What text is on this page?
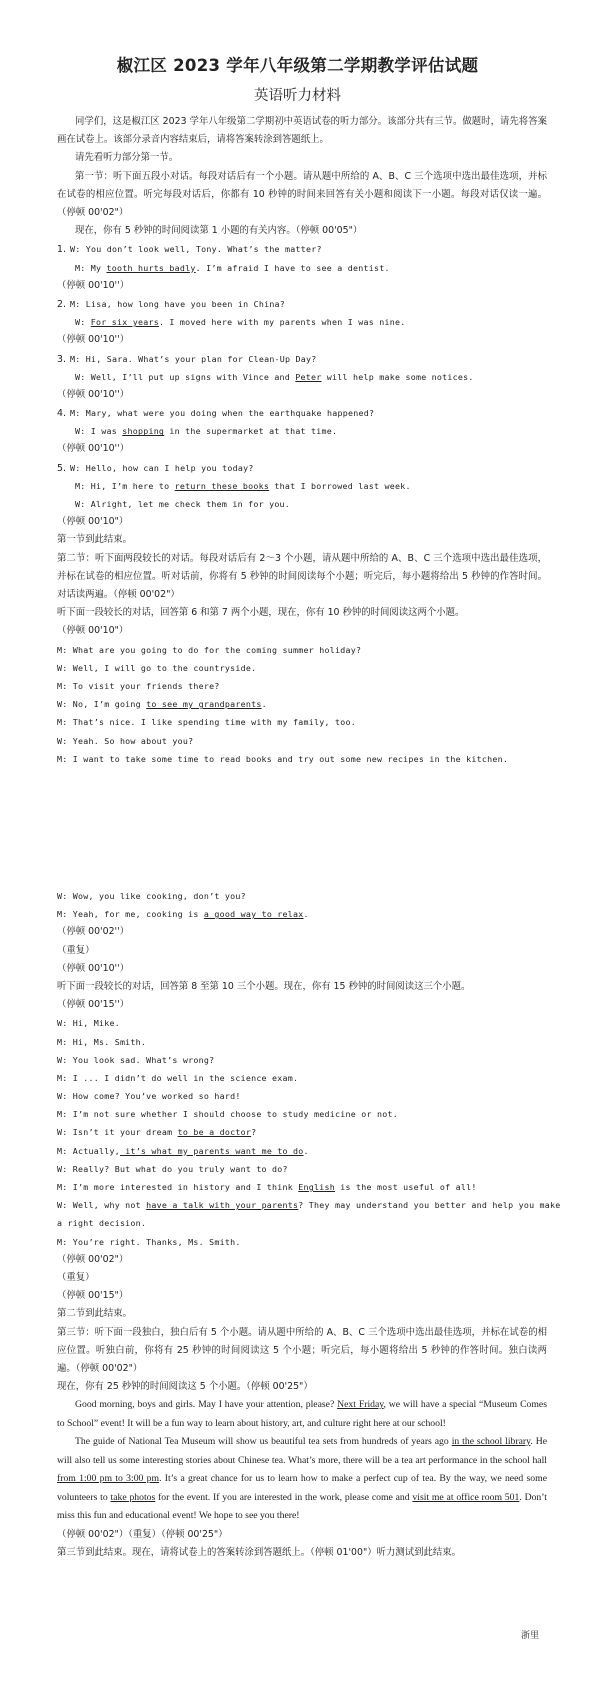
椒江区 2023 学年八年级第二学期教学评估试题
英语听力材料
同学们，这是椒江区 2023 学年八年级第二学期初中英语试卷的听力部分。该部分共有三节。做题时，请先将答案画在试卷上。该部分录音内容结束后，请将答案转涂到答题纸上。
请先看听力部分第一节。
第一节：听下面五段小对话。每段对话后有一个小题。请从题中所给的 A、B、C 三个选项中选出最佳选项，并标在试卷的相应位置。听完每段对话后，你都有 10 秒钟的时间来回答有关小题和阅读下一小题。每段对话仅读一遍。（停顿 00'02"）
现在，你有 5 秒钟的时间阅读第 1 小题的有关内容。（停顿 00'05"）
1. W: You don’t look well, Tony. What’s the matter?
M: My tooth hurts badly. I’m afraid I have to see a dentist.
（停顿 00'10''）
2. M: Lisa, how long have you been in China?
W: For six years. I moved here with my parents when I was nine.
（停顿 00'10''）
3. M: Hi, Sara. What’s your plan for Clean-Up Day?
W: Well, I’ll put up signs with Vince and Peter will help make some notices.
（停顿 00'10''）
4. M: Mary, what were you doing when the earthquake happened?
W: I was shopping in the supermarket at that time.
（停顿 00'10''）
5. W: Hello, how can I help you today?
M: Hi, I’m here to return these books that I borrowed last week.
W: Alright, let me check them in for you.
（停顿 00'10"）
第一节到此结束。
第二节：听下面两段较长的对话。每段对话后有 2～3 个小题，请从题中所给的 A、B、C 三个选项中选出最佳选项，并标在试卷的相应位置。听对话前，你将有 5 秒钟的时间阅读每个小题；听完后，每小题将给出 5 秒钟的作答时间。对话读两遍。（停顿 00'02"）
听下面一段较长的对话，回答第 6 和第 7 两个小题，现在，你有 10 秒钟的时间阅读这两个小题。
（停顿 00'10"）
M: What are you going to do for the coming summer holiday?
W: Well, I will go to the countryside.
M: To visit your friends there?
W: No, I’m going to see my grandparents.
M: That’s nice. I like spending time with my family, too.
W: Yeah. So how about you?
M: I want to take some time to read books and try out some new recipes in the kitchen.
W: Wow, you like cooking, don’t you?
M: Yeah, for me, cooking is a good way to relax.
（停顿 00'02''）
（重复）
（停顿 00'10''）
听下面一段较长的对话，回答第 8 至第 10 三个小题。现在，你有 15 秒钟的时间阅读这三个小题。
（停顿 00'15''）
W: Hi, Mike.
M: Hi, Ms. Smith.
W: You look sad. What’s wrong?
M: I ... I didn’t do well in the science exam.
W: How come? You’ve worked so hard!
M: I’m not sure whether I should choose to study medicine or not.
W: Isn’t it your dream to be a doctor?
M: Actually, it’s what my parents want me to do.
W: Really? But what do you truly want to do?
M: I’m more interested in history and I think English is the most useful of all!
W: Well, why not have a talk with your parents? They may understand you better and help you make
a right decision.
M: You’re right. Thanks, Ms. Smith.
（停顿 00'02"）
（重复）
（停顿 00'15"）
第二节到此结束。
第三节：听下面一段独白，独白后有 5 个小题。请从题中所给的 A、B、C 三个选项中选出最佳选项，并标在试卷的相应位置。听独白前，你将有 25 秒钟的时间阅读这 5 个小题；听完后，每小题将给出 5 秒钟的作答时间。独白读两遍。（停顿 00'02"）
现在，你有 25 秒钟的时间阅读这 5 个小题。（停顿 00'25"）
Good morning, boys and girls. May I have your attention, please? Next Friday, we will have a special “Museum Comes to School” event! It will be a fun way to learn about history, art, and culture right here at our school!
The guide of National Tea Museum will show us beautiful tea sets from hundreds of years ago in the school library. He will also tell us some interesting stories about Chinese tea. What’s more, there will be a tea art performance in the school hall from 1:00 pm to 3:00 pm. It’s a great chance for us to learn how to make a perfect cup of tea. By the way, we need some volunteers to take photos for the event. If you are interested in the work, please come and visit me at office room 501. Don’t miss this fun and educational event! We hope to see you there!
（停顿 00'02"）（重复）（停顿 00'25"）
第三节到此结束。现在，请将试卷上的答案转涂到答题纸上。（停顿 01'00"）听力测试到此结束。
浙里
